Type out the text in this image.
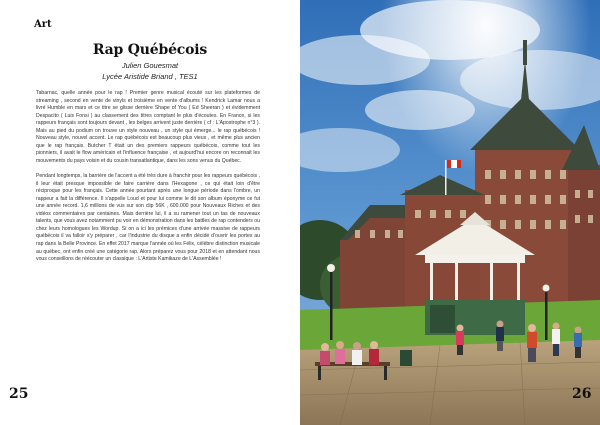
Art
Rap Québécois
Julien Gouesmat
Lycée Aristide Briand , TES1

Tabarnac, quelle année pour le rap ! Premier genre musical écouté sur les plateformes de streaming , second en vente de vinyls et troisième en vente d'albums ! Kendrick Lamar nous a livré Humble en mars et ce titre se glisse derrière Shape of You ( Ed Sheeran ) et évidemment Despacito ( Luis Fonsi ) au classement des titres comptant le plus d'écoutes. En France, si les rappeurs français sont toujours devant , les belges arrivent juste derrière ( cf : L'Apostrophe n°3 ). Mais au pied du podium on trouve un style nouveau , un style qui émerge... le rap québécois ! Nouveau style, nouvel accent. Le rap québécois est beaucoup plus vieux , et même plus ancien que le rap français. Butcher T était un des premiers rappeurs québécois, comme tout les pionniers, il avait le flow américain et l'influence française , et aujourd'hui encore on reconnait les mouvements du pays voisin et du cousin transatlantique, dans les sons venus du Québec.

Pendant longtemps, la barrière de l'accent a été très dure à franchir pour les rappeurs québécois , il leur était presque impossible de faire carrière dans l'Hexagone , ce qui était loin d'être réciproque pour les français. Cette année pourtant après une longue période dans l'ombre, un rappeur a fait la différence. Il s'appelle Loud et pour lui comme le dit son album éponyme ce fut une année record. 1,6 millions de vus sur son clip 56K , 600.000 pour Nouveaux Riches et des vidéos commentaires par centaines. Mais derrière lui, il a su ramener tout un tas de nouveaux talents, que vous avez notamment pu voir en démonstration dans les battles de rap contenders ou chez leurs homologues les Wordup. Si on a ici les prémices d'une arrivée massive de rappeurs québécois il va falloir s'y préparer , car l'industrie du disque a enfin décidé d'ouvrir les portes au rap dans la Belle Province. En effet 2017 marque l'année où les Félix, célèbre distinction musicale au québec, ont enfin créé une catégorie rap. Alors préparez vous pour 2018 et en attendant nous vous conseillons de réécouter un classique : L'Artiste Kamikaze de L'Assemblée !

25	26
